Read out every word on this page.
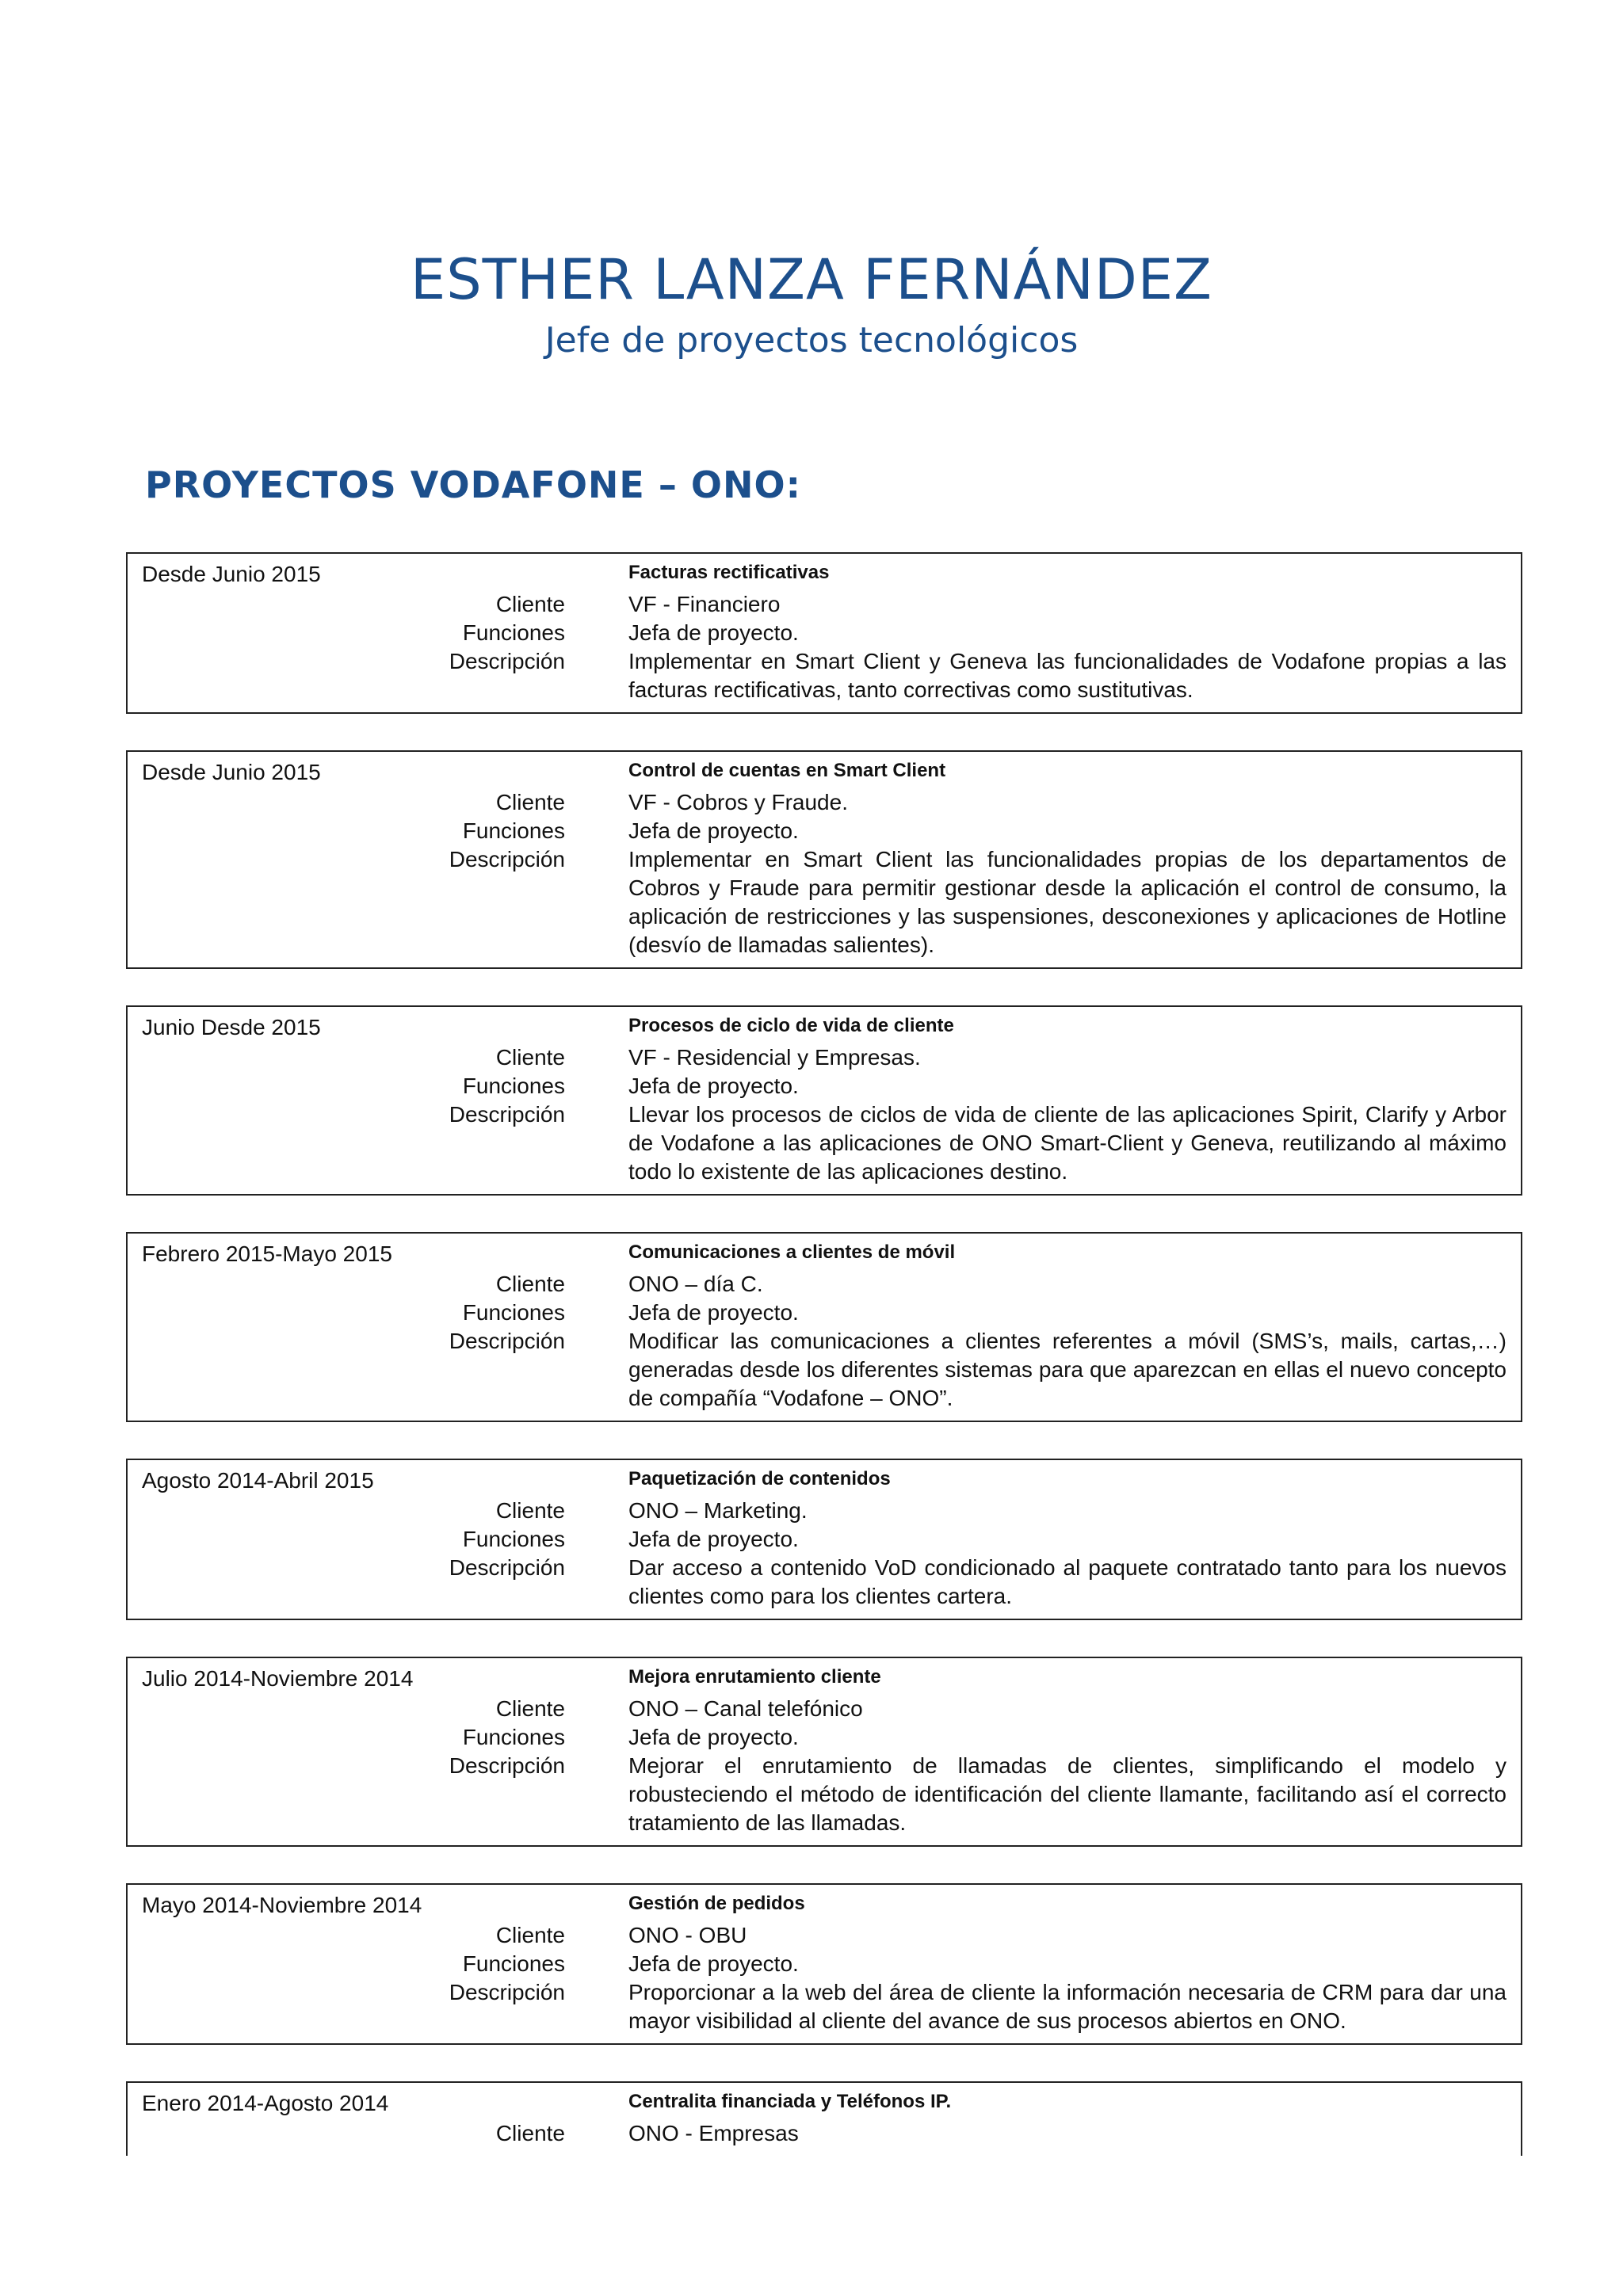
ESTHER LANZA FERNÁNDEZ
Jefe de proyectos tecnológicos
PROYECTOS VODAFONE – ONO:
Desde Junio 2015	Facturas rectificativas
Cliente	VF - Financiero
Funciones	Jefa de proyecto.
Descripción	Implementar en Smart Client y Geneva las funcionalidades de Vodafone propias a las facturas rectificativas, tanto correctivas como sustitutivas.
Desde Junio 2015	Control de cuentas en Smart Client
Cliente	VF - Cobros y Fraude.
Funciones	Jefa de proyecto.
Descripción	Implementar en Smart Client las funcionalidades propias de los departamentos de Cobros y Fraude para permitir gestionar desde la aplicación el control de consumo, la aplicación de restricciones y las suspensiones, desconexiones y aplicaciones de Hotline (desvío de llamadas salientes).
Junio Desde 2015	Procesos de ciclo de vida de cliente
Cliente	VF - Residencial y Empresas.
Funciones	Jefa de proyecto.
Descripción	Llevar los procesos de ciclos de vida de cliente de las aplicaciones Spirit, Clarify y Arbor de Vodafone a las aplicaciones de ONO Smart-Client y Geneva, reutilizando al máximo todo lo existente de las aplicaciones destino.
Febrero 2015-Mayo 2015	Comunicaciones a clientes de móvil
Cliente	ONO – día C.
Funciones	Jefa de proyecto.
Descripción	Modificar las comunicaciones a clientes referentes a móvil (SMS’s, mails, cartas,…) generadas desde los diferentes sistemas para que aparezcan en ellas el nuevo concepto de compañía “Vodafone – ONO”.
Agosto 2014-Abril 2015	Paquetización de contenidos
Cliente	ONO – Marketing.
Funciones	Jefa de proyecto.
Descripción	Dar acceso a contenido VoD condicionado al paquete contratado tanto para los nuevos clientes como para los clientes cartera.
Julio 2014-Noviembre 2014	Mejora enrutamiento cliente
Cliente	ONO – Canal telefónico
Funciones	Jefa de proyecto.
Descripción	Mejorar el enrutamiento de llamadas de clientes, simplificando el modelo y robusteciendo el método de identificación del cliente llamante, facilitando así el correcto tratamiento de las llamadas.
Mayo 2014-Noviembre 2014	Gestión de pedidos
Cliente	ONO - OBU
Funciones	Jefa de proyecto.
Descripción	Proporcionar a la web del área de cliente la información necesaria de CRM para dar una mayor visibilidad al cliente del avance de sus procesos abiertos en ONO.
Enero 2014-Agosto 2014	Centralita financiada y Teléfonos IP.
Cliente	ONO - Empresas
